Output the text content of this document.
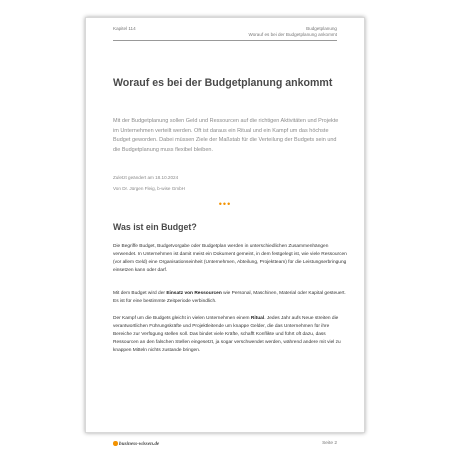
Kapitel 114	Budgetplanung
Worauf es bei der Budgetplanung ankommt
Worauf es bei der Budgetplanung ankommt

Mit der Budgetplanung sollen Geld und Ressourcen auf die richtigen Aktivitäten und Projekte im Unternehmen verteilt werden. Oft ist daraus ein Ritual und ein Kampf um das höchste Budget geworden. Dabei müssen Ziele der Maßstab für die Verteilung der Budgets sein und die Budgetplanung muss flexibel bleiben.

Zuletzt geändert am 18.10.2024
Von Dr. Jürgen Fleig, b-wise GmbH
•••
Was ist ein Budget?

Die Begriffe Budget, Budgetvorgabe oder Budgetplan werden in unterschiedlichen Zusammenhängen verwendet. In Unternehmen ist damit meist ein Dokument gemeint, in dem festgelegt ist, wie viele Ressourcen (vor allem Geld) eine Organisationseinheit (Unternehmen, Abteilung, Projektteam) für die Leistungserbringung einsetzen kann oder darf.

Mit dem Budget wird der Einsatz von Ressourcen wie Personal, Maschinen, Material oder Kapital gesteuert. Es ist für eine bestimmte Zeitperiode verbindlich.

Der Kampf um die Budgets gleicht in vielen Unternehmen einem Ritual. Jedes Jahr aufs Neue streiten die verantwortlichen Führungskräfte und Projektleitende um knappe Gelder, die das Unternehmen für ihre Bereiche zur Verfügung stellen soll. Das bindet viele Kräfte, schafft Konflikte und führt oft dazu, dass Ressourcen an den falschen Stellen eingesetzt, ja sogar verschwendet werden, während andere mit viel zu knappen Mitteln nichts zustande bringen.

business-wissen.de	Seite 2
